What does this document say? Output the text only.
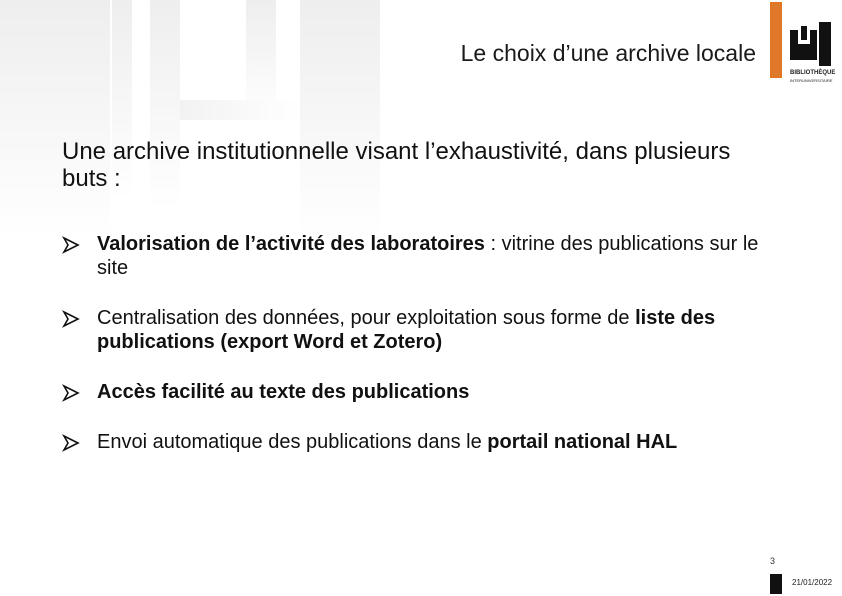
Le choix d’une archive locale
BIBLIOTHÈQUE
INTERUNIVERSITAIRE
Une archive institutionnelle visant l’exhaustivité, dans plusieurs buts :
Valorisation de l’activité des laboratoires : vitrine des publications sur le site
Centralisation des données, pour exploitation sous forme de liste des publications (export Word et Zotero)
Accès facilité au texte des publications
Envoi automatique des publications dans le portail national HAL
3
21/01/2022
